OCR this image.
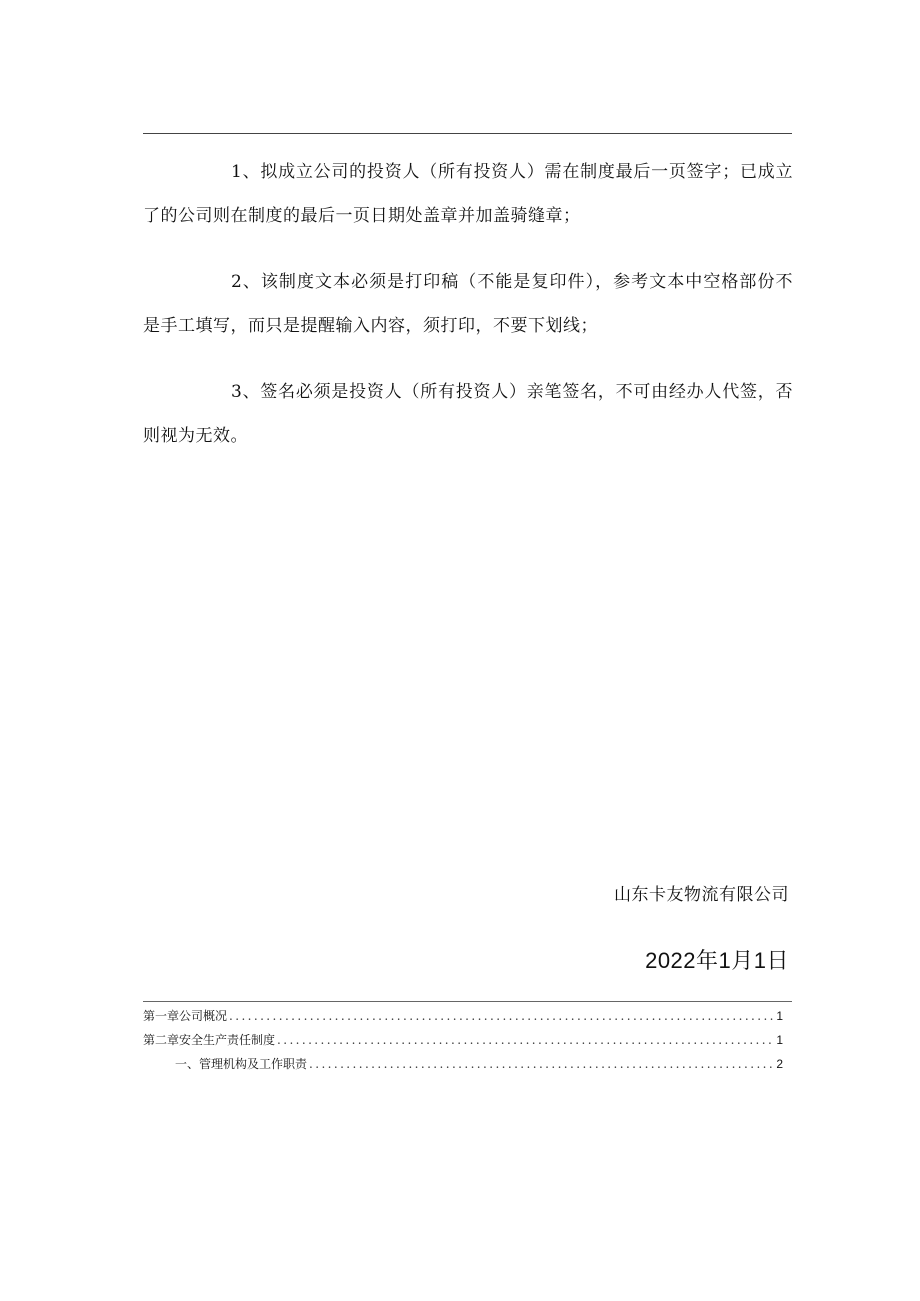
1、拟成立公司的投资人（所有投资人）需在制度最后一页签字；已成立了的公司则在制度的最后一页日期处盖章并加盖骑缝章；

2、该制度文本必须是打印稿（不能是复印件），参考文本中空格部份不是手工填写，而只是提醒输入内容，须打印，不要下划线；

3、签名必须是投资人（所有投资人）亲笔签名，不可由经办人代签，否则视为无效。

山东卡友物流有限公司
2022年1月1日
第一章公司概况 .....	1
第二章安全生产责任制度 .....	1
一、管理机构及工作职责 .....	2
